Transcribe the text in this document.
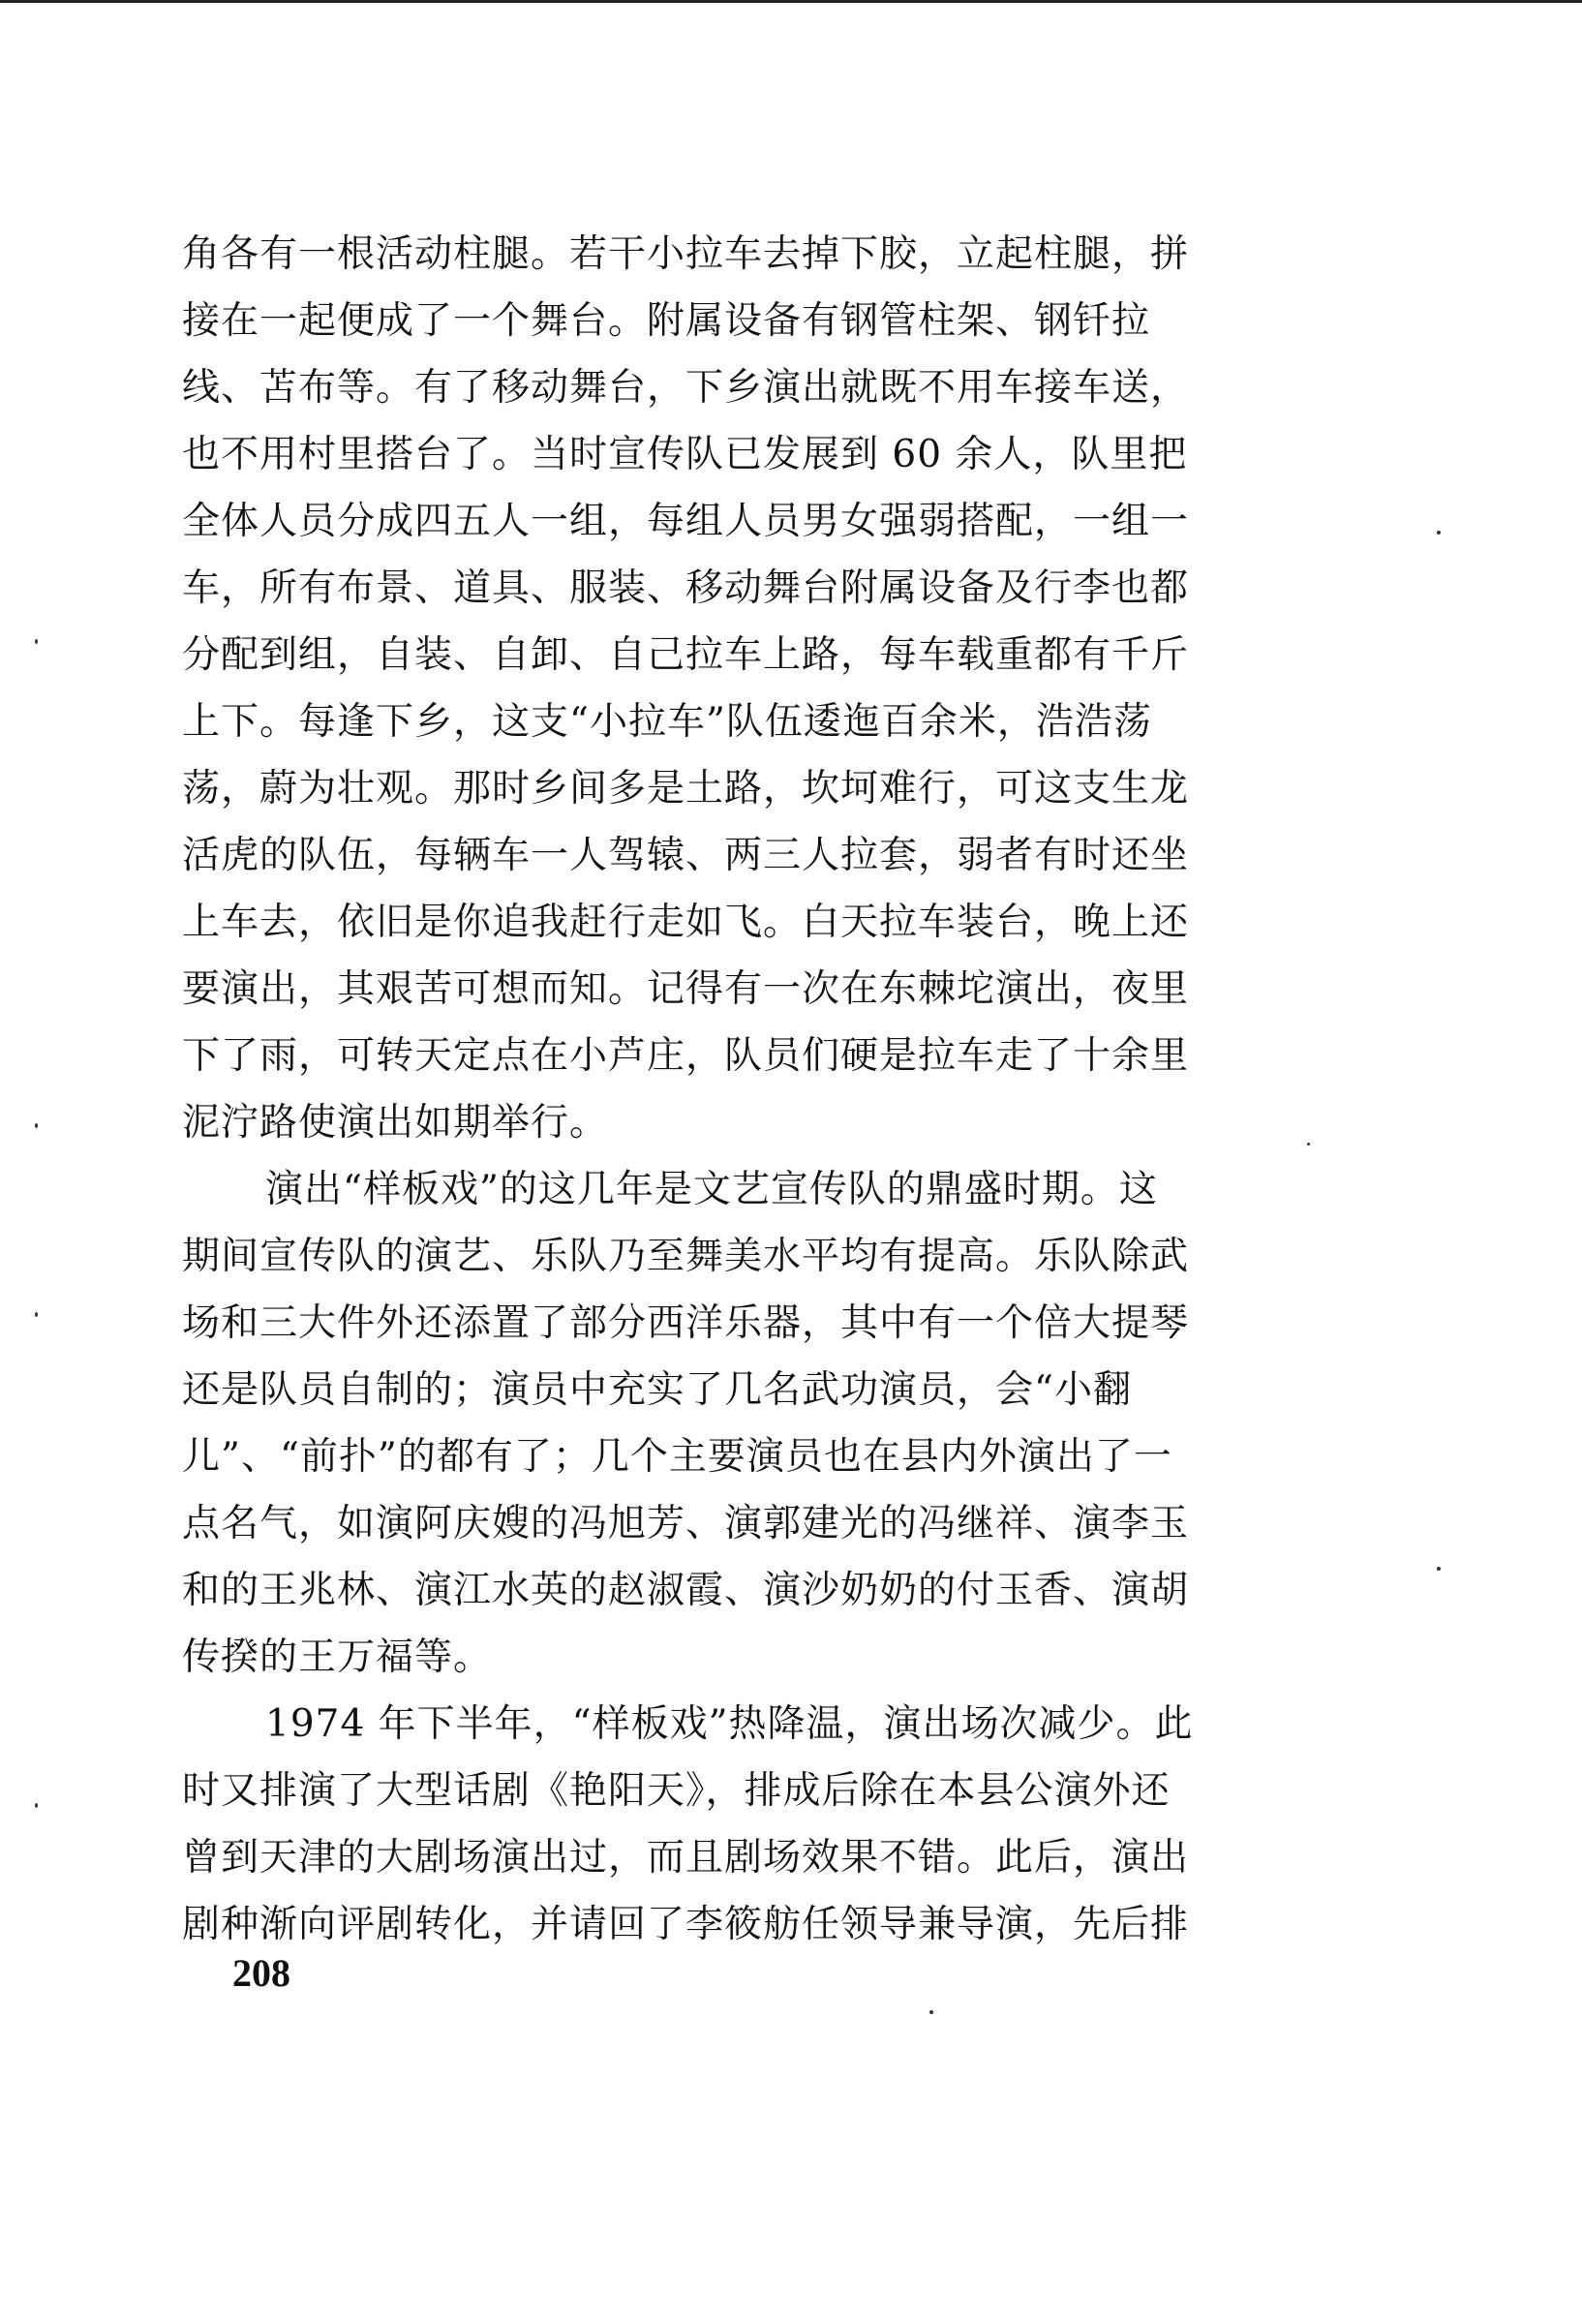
角各有一根活动柱腿。若干小拉车去掉下胶，立起柱腿，拼
接在一起便成了一个舞台。附属设备有钢管柱架、钢钎拉
线、苫布等。有了移动舞台，下乡演出就既不用车接车送，
也不用村里搭台了。当时宣传队已发展到 60 余人，队里把
全体人员分成四五人一组，每组人员男女强弱搭配，一组一
车，所有布景、道具、服装、移动舞台附属设备及行李也都
分配到组，自装、自卸、自己拉车上路，每车载重都有千斤
上下。每逢下乡，这支“小拉车”队伍逶迤百余米，浩浩荡
荡，蔚为壮观。那时乡间多是土路，坎坷难行，可这支生龙
活虎的队伍，每辆车一人驾辕、两三人拉套，弱者有时还坐
上车去，依旧是你追我赶行走如飞。白天拉车装台，晚上还
要演出，其艰苦可想而知。记得有一次在东棘坨演出，夜里
下了雨，可转天定点在小芦庄，队员们硬是拉车走了十余里
泥泞路使演出如期举行。
演出“样板戏”的这几年是文艺宣传队的鼎盛时期。这
期间宣传队的演艺、乐队乃至舞美水平均有提高。乐队除武
场和三大件外还添置了部分西洋乐器，其中有一个倍大提琴
还是队员自制的；演员中充实了几名武功演员，会“小翻
儿”、“前扑”的都有了；几个主要演员也在县内外演出了一
点名气，如演阿庆嫂的冯旭芳、演郭建光的冯继祥、演李玉
和的王兆林、演江水英的赵淑霞、演沙奶奶的付玉香、演胡
传揆的王万福等。
1974 年下半年，“样板戏”热降温，演出场次减少。此
时又排演了大型话剧《艳阳天》，排成后除在本县公演外还
曾到天津的大剧场演出过，而且剧场效果不错。此后，演出
剧种渐向评剧转化，并请回了李筱舫任领导兼导演，先后排
208
